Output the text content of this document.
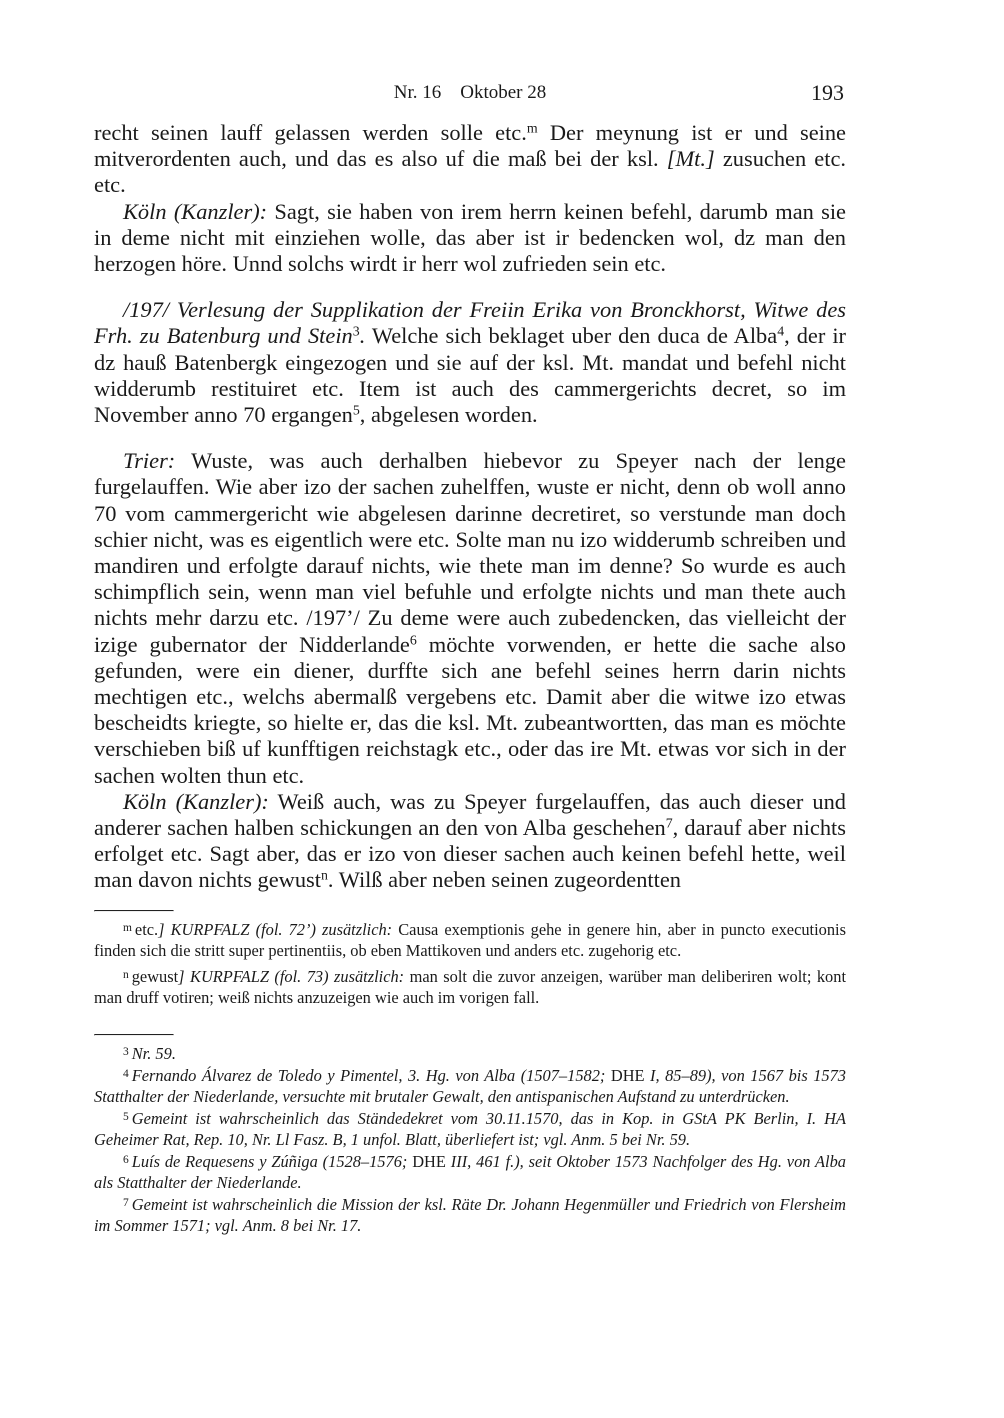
Nr. 16 Oktober 28	193

recht seinen lauff gelassen werden solle etc.$^m$ Der meynung ist er und seine mitverordenten auch, und das es also uf die maß bei der ksl. [Mt.] zusuchen etc. etc.

Köln (Kanzler): Sagt, sie haben von irem herrn keinen befehl, darumb man sie in deme nicht mit einziehen wolle, das aber ist ir bedencken wol, dz man den herzogen höre. Unnd solchs wirdt ir herr wol zufrieden sein etc.

/197/ Verlesung der Supplikation der Freiin Erika von Bronckhorst, Witwe des Frh. zu Batenburg und Stein$^3$. Welche sich beklaget uber den duca de Alba$^4$, der ir dz hauß Batenbergk eingezogen und sie auf der ksl. Mt. mandat und befehl nicht widderumb restituiret etc. Item ist auch des cammergerichts decret, so im November anno 70 ergangen$^5$, abgelesen worden.

Trier: Wuste, was auch derhalben hiebevor zu Speyer nach der lenge furgelauffen. Wie aber izo der sachen zuhelffen, wuste er nicht, denn ob woll anno 70 vom cammergericht wie abgelesen darinne decretiret, so verstunde man doch schier nicht, was es eigentlich were etc. Solte man nu izo widderumb schreiben und mandiren und erfolgte darauf nichts, wie thete man im denne? So wurde es auch schimpflich sein, wenn man viel befuhle und erfolgte nichts und man thete auch nichts mehr darzu etc. /197’/ Zu deme were auch zubedencken, das vielleicht der izige gubernator der Nidderlande$^6$ möchte vorwenden, er hette die sache also gefunden, were ein diener, durffte sich ane befehl seines herrn darin nichts mechtigen etc., welchs abermalß vergebens etc. Damit aber die witwe izo etwas bescheidts kriegte, so hielte er, das die ksl. Mt. zubeantwortten, das man es möchte verschieben biß uf kunfftigen reichstagk etc., oder das ire Mt. etwas vor sich in der sachen wolten thun etc.

Köln (Kanzler): Weiß auch, was zu Speyer furgelauffen, das auch dieser und anderer sachen halben schickungen an den von Alba geschehen$^7$, darauf aber nichts erfolget etc. Sagt aber, das er izo von dieser sachen auch keinen befehl hette, weil man davon nichts gewust$^n$. Wilß aber neben seinen zugeordentten

$^m$ etc.] KURPFALZ (fol. 72’) zusätzlich: Causa exemptionis gehe in genere hin, aber in puncto executionis finden sich die stritt super pertinentiis, ob eben Mattikoven und anders etc. zugehorig etc.

$^n$ gewust] KURPFALZ (fol. 73) zusätzlich: man solt die zuvor anzeigen, warüber man deliberiren wolt; kont man druff votiren; weiß nichts anzuzeigen wie auch im vorigen fall.

$^3$ Nr. 59.

$^4$ Fernando Álvarez de Toledo y Pimentel, 3. Hg. von Alba (1507–1582; DHE I, 85–89), von 1567 bis 1573 Statthalter der Niederlande, versuchte mit brutaler Gewalt, den antispanischen Aufstand zu unterdrücken.

$^5$ Gemeint ist wahrscheinlich das Ständedekret vom 30.11.1570, das in Kop. in GStA PK Berlin, I. HA Geheimer Rat, Rep. 10, Nr. Ll Fasz. B, 1 unfol. Blatt, überliefert ist; vgl. Anm. 5 bei Nr. 59.

$^6$ Luís de Requesens y Zúñiga (1528–1576; DHE III, 461 f.), seit Oktober 1573 Nachfolger des Hg. von Alba als Statthalter der Niederlande.

$^7$ Gemeint ist wahrscheinlich die Mission der ksl. Räte Dr. Johann Hegenmüller und Friedrich von Flersheim im Sommer 1571; vgl. Anm. 8 bei Nr. 17.
